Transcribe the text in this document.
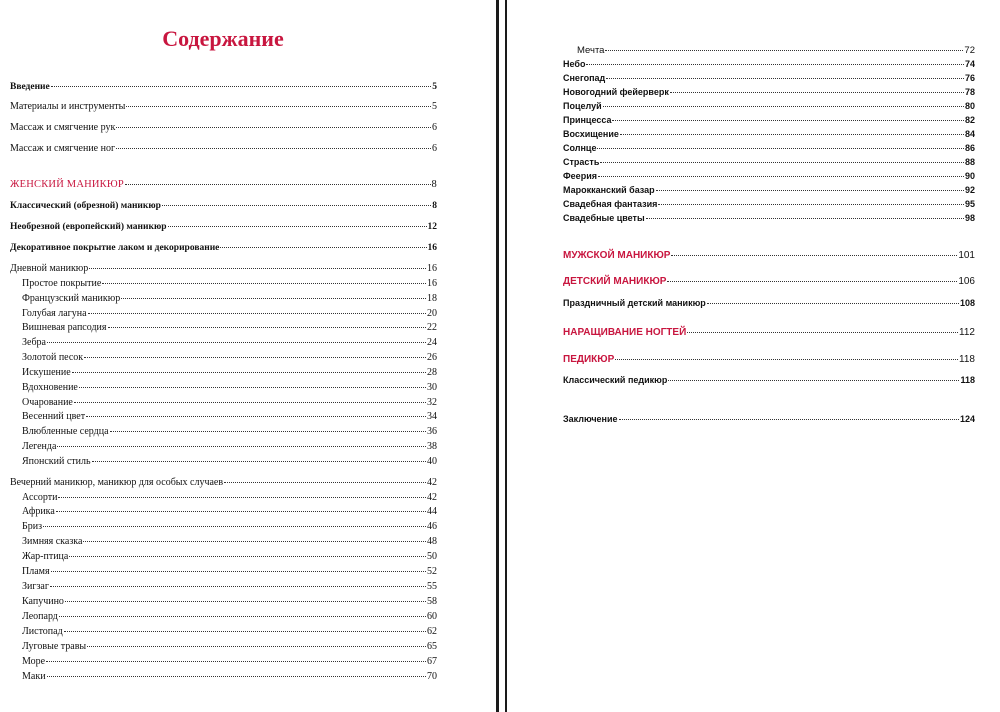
Содержание
Введение	5
Материалы и инструменты	5
Массаж и смягчение рук	6
Массаж и смягчение ног	6
ЖЕНСКИЙ МАНИКЮР	8
Классический (обрезной) маникюр	8
Необрезной (европейский) маникюр	12
Декоративное покрытие лаком и декорирование	16
Дневной маникюр	16
Простое покрытие	16
Французский маникюр	18
Голубая лагуна	20
Вишневая рапсодия	22
Зебра	24
Золотой песок	26
Искушение	28
Вдохновение	30
Очарование	32
Весенний цвет	34
Влюбленные сердца	36
Легенда	38
Японский стиль	40
Вечерний маникюр, маникюр для особых случаев	42
Ассорти	42
Африка	44
Бриз	46
Зимняя сказка	48
Жар-птица	50
Пламя	52
Зигзаг	55
Капучино	58
Леопард	60
Листопад	62
Луговые травы	65
Море	67
Маки	70
Мечта	72
Небо	74
Снегопад	76
Новогодний фейерверк	78
Поцелуй	80
Принцесса	82
Восхищение	84
Солнце	86
Страсть	88
Феерия	90
Марокканский базар	92
Свадебная фантазия	95
Свадебные цветы	98
МУЖСКОЙ МАНИКЮР	101
ДЕТСКИЙ МАНИКЮР	106
Праздничный детский маникюр	108
НАРАЩИВАНИЕ НОГТЕЙ	112
ПЕДИКЮР	118
Классический педикюр	118
Заключение	124
